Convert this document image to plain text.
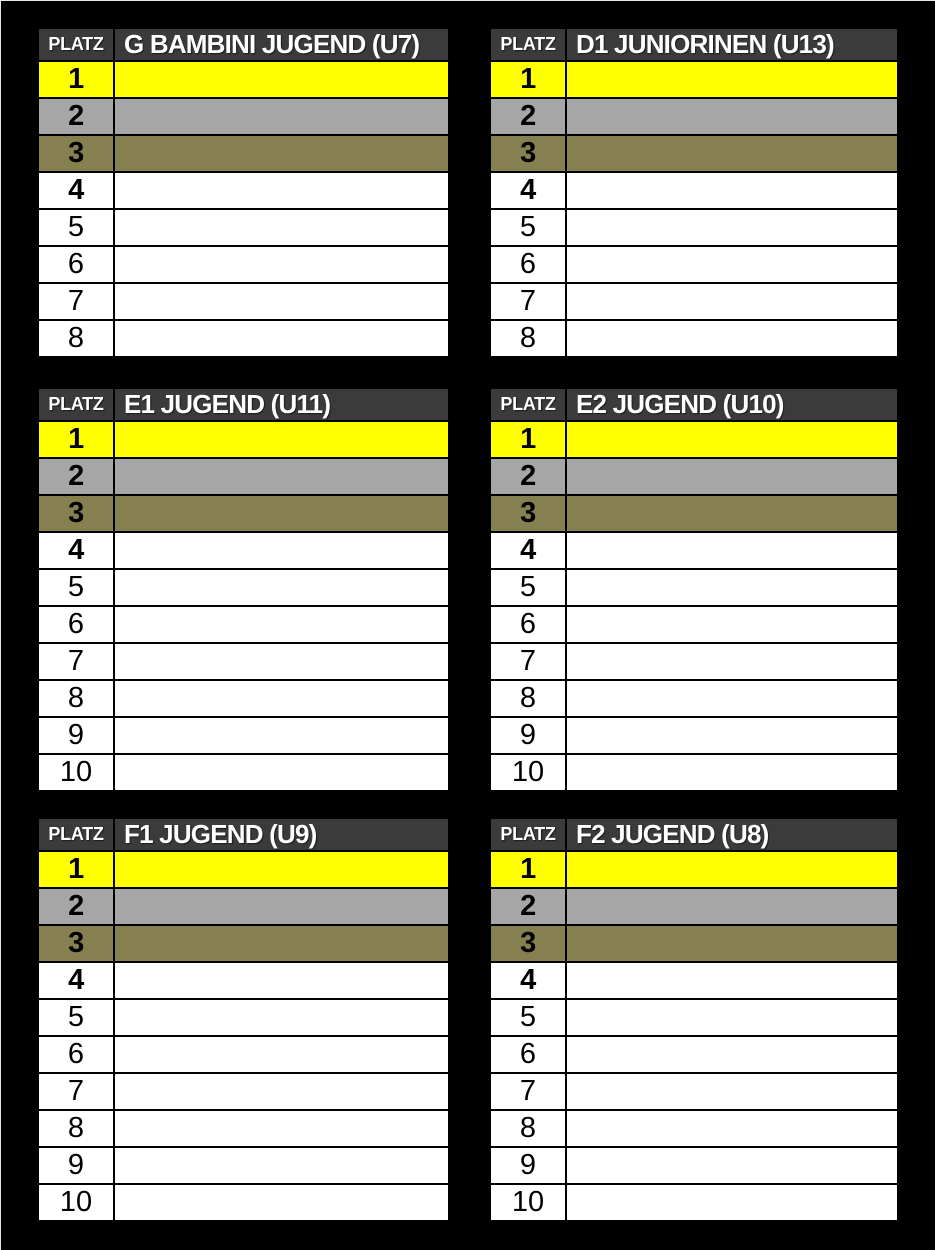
PLATZ	G BAMBINI JUGEND (U7)
1	
2	
3	
4	
5	
6	
7	
8	
PLATZ	D1 JUNIORINEN (U13)
1	
2	
3	
4	
5	
6	
7	
8	
PLATZ	E1 JUGEND (U11)
1	
2	
3	
4	
5	
6	
7	
8	
9	
10	
PLATZ	E2 JUGEND (U10)
1	
2	
3	
4	
5	
6	
7	
8	
9	
10	
PLATZ	F1 JUGEND (U9)
1	
2	
3	
4	
5	
6	
7	
8	
9	
10	
PLATZ	F2 JUGEND (U8)
1	
2	
3	
4	
5	
6	
7	
8	
9	
10	
